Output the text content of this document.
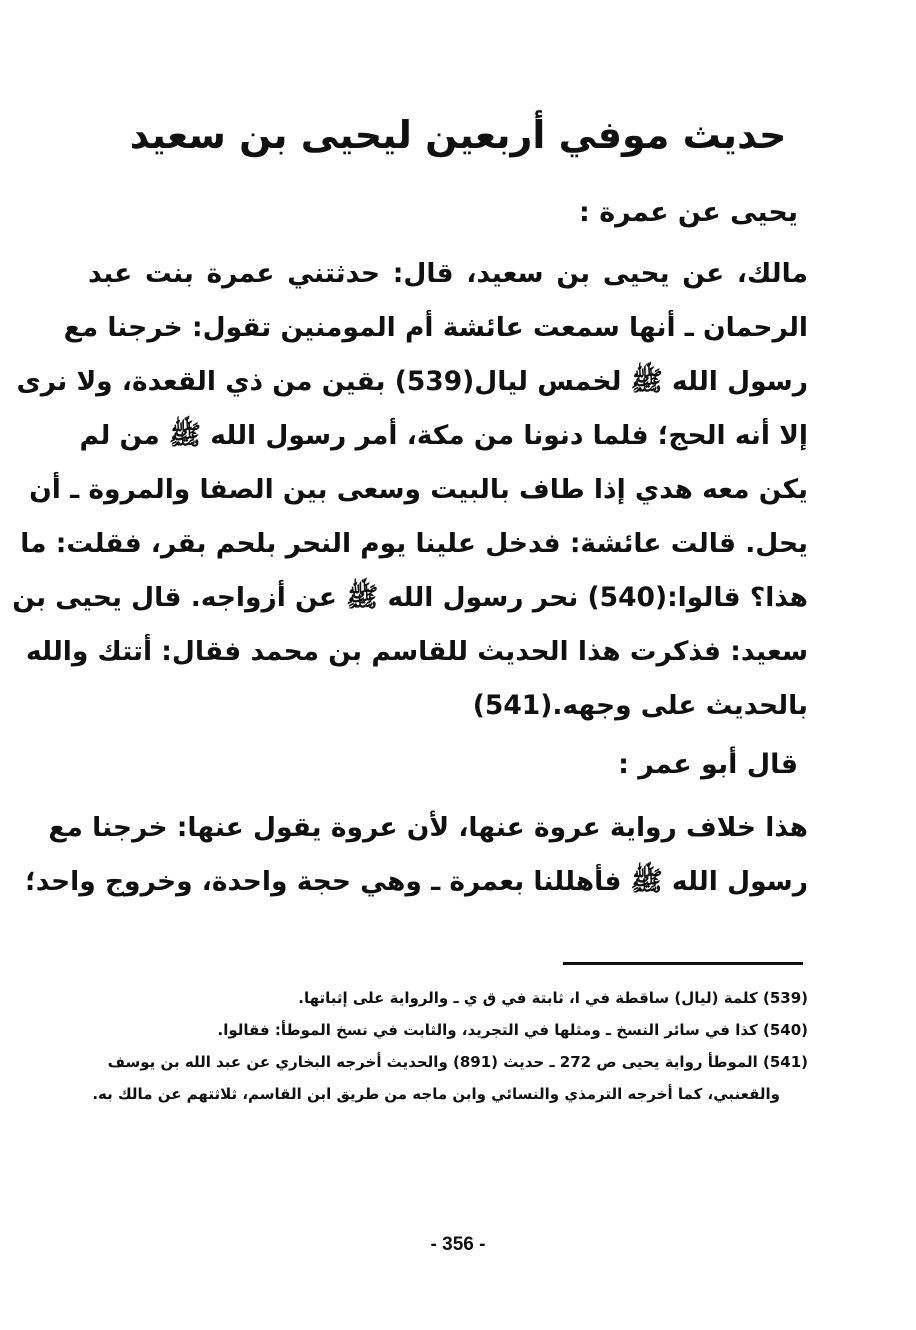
حديث موفي أربعين ليحيى بن سعيد
يحيى عن عمرة :
مالك، عن يحيى بن سعيد، قال: حدثتني عمرة بنت عبد
الرحمان ـ أنها سمعت عائشة أم المومنين تقول: خرجنا مع
رسول الله ﷺ لخمس ليال(539) بقين من ذي القعدة، ولا نرى
إلا أنه الحج؛ فلما دنونا من مكة، أمر رسول الله ﷺ من لم
يكن معه هدي إذا طاف بالبيت وسعى بين الصفا والمروة ـ أن
يحل. قالت عائشة: فدخل علينا يوم النحر بلحم بقر، فقلت: ما
هذا؟ قالوا:(540) نحر رسول الله ﷺ عن أزواجه. قال يحيى بن
سعيد: فذكرت هذا الحديث للقاسم بن محمد فقال: أتتك والله
بالحديث على وجهه.(541)
قال أبو عمر :
هذا خلاف رواية عروة عنها، لأن عروة يقول عنها: خرجنا مع
رسول الله ﷺ فأهللنا بعمرة ـ وهي حجة واحدة، وخروج واحد؛
(539) كلمة (ليال) ساقطة في ا، ثابتة في ق ي ـ والرواية على إثباتها.
(540) كذا في سائر النسخ ـ ومثلها في التجريد، والثابت في نسخ الموطأ: فقالوا.
(541) الموطأ رواية يحيى ص 272 ـ حديث (891) والحديث أخرجه البخاري عن عبد الله بن يوسف
والقعنبي، كما أخرجه الترمذي والنسائي وابن ماجه من طريق ابن القاسم، ثلاثتهم عن مالك به.
- 356 -
